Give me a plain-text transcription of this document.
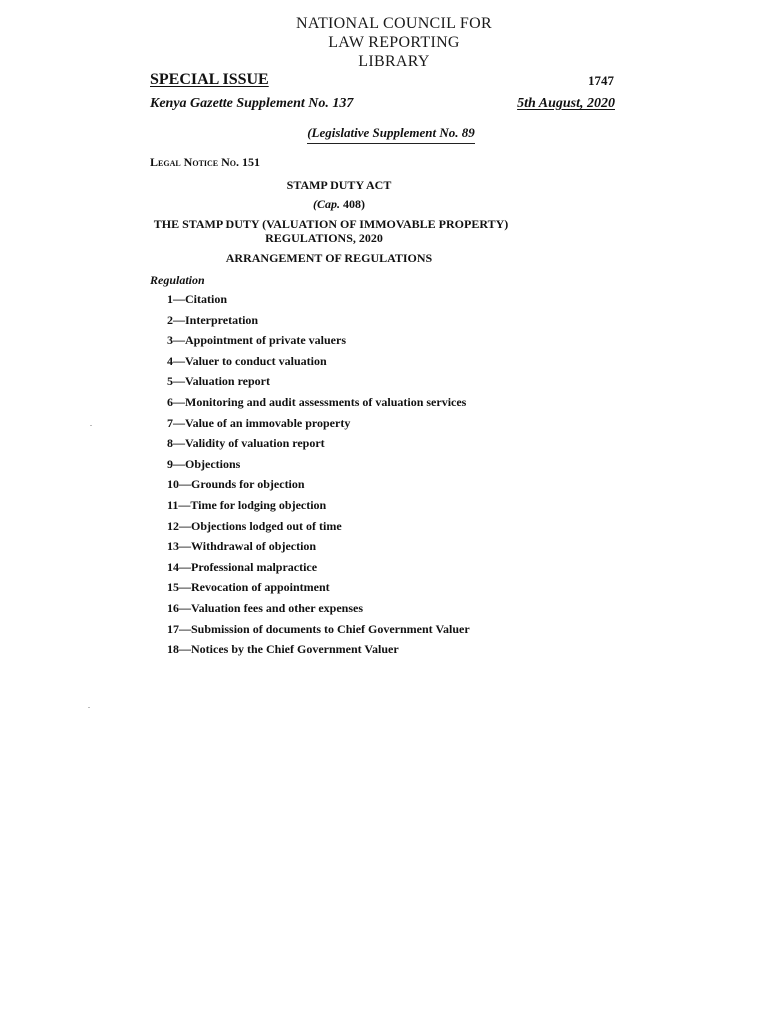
NATIONAL COUNCIL FOR
LAW REPORTING
LIBRARY
SPECIAL ISSUE	1747
Kenya Gazette Supplement No. 137	5th August, 2020
(Legislative Supplement No. 89
Legal Notice No. 151
STAMP DUTY ACT
(Cap. 408)
THE STAMP DUTY (VALUATION OF IMMOVABLE PROPERTY)
REGULATIONS, 2020
ARRANGEMENT OF REGULATIONS
Regulation
1—Citation
2—Interpretation
3—Appointment of private valuers
4—Valuer to conduct valuation
5—Valuation report
6—Monitoring and audit assessments of valuation services
7—Value of an immovable property
8—Validity of valuation report
9—Objections
10—Grounds for objection
11—Time for lodging objection
12—Objections lodged out of time
13—Withdrawal of objection
14—Professional malpractice
15—Revocation of appointment
16—Valuation fees and other expenses
17—Submission of documents to Chief Government Valuer
18—Notices by the Chief Government Valuer
